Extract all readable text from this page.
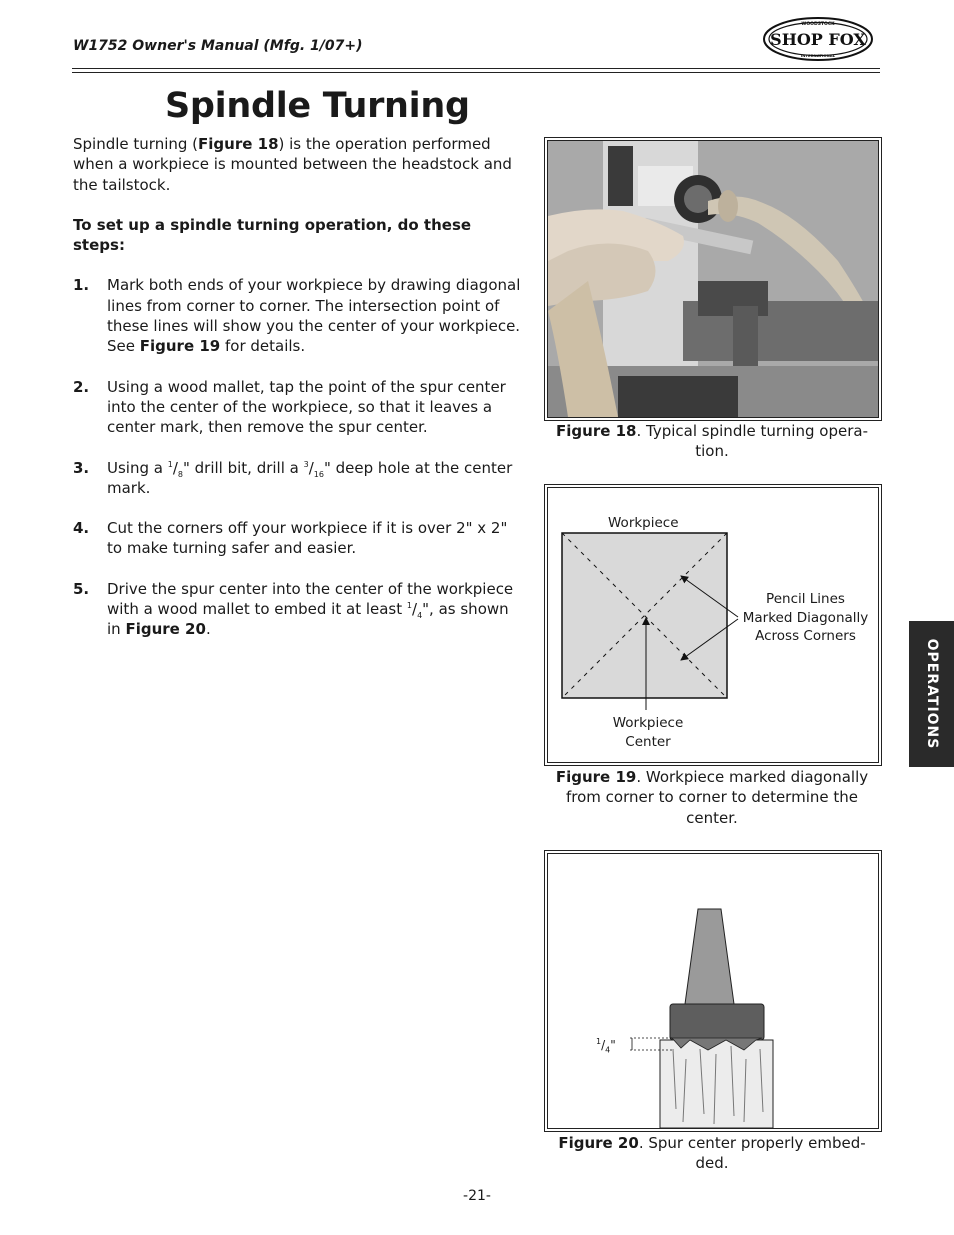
W1752 Owner's Manual (Mfg. 1/07+)
WOODSTOCK
SHOP FOX
INTERNATIONAL
Spindle Turning

Spindle turning (Figure 18) is the operation performed when a workpiece is mounted between the headstock and the tailstock.

To set up a spindle turning operation, do these steps:

1. Mark both ends of your workpiece by drawing diagonal lines from corner to corner. The intersection point of these lines will show you the center of your workpiece. See Figure 19 for details.
2. Using a wood mallet, tap the point of the spur center into the center of the workpiece, so that it leaves a center mark, then remove the spur center.
3. Using a $^1/_8$" drill bit, drill a $^3/_{16}$" deep hole at the center mark.
4. Cut the corners off your workpiece if it is over 2" x 2" to make turning safer and easier.
5. Drive the spur center into the center of the workpiece with a wood mallet to embed it at least $^1/_4$", as shown in Figure 20.
Figure 18. Typical spindle turning operation.
Workpiece
Pencil Lines
Marked Diagonally
Across Corners
Workpiece
Center
Figure 19. Workpiece marked diagonally from corner to corner to determine the center.
$^1/_4$"
Figure 20. Spur center properly embedded.
OPERATIONS
-21-
